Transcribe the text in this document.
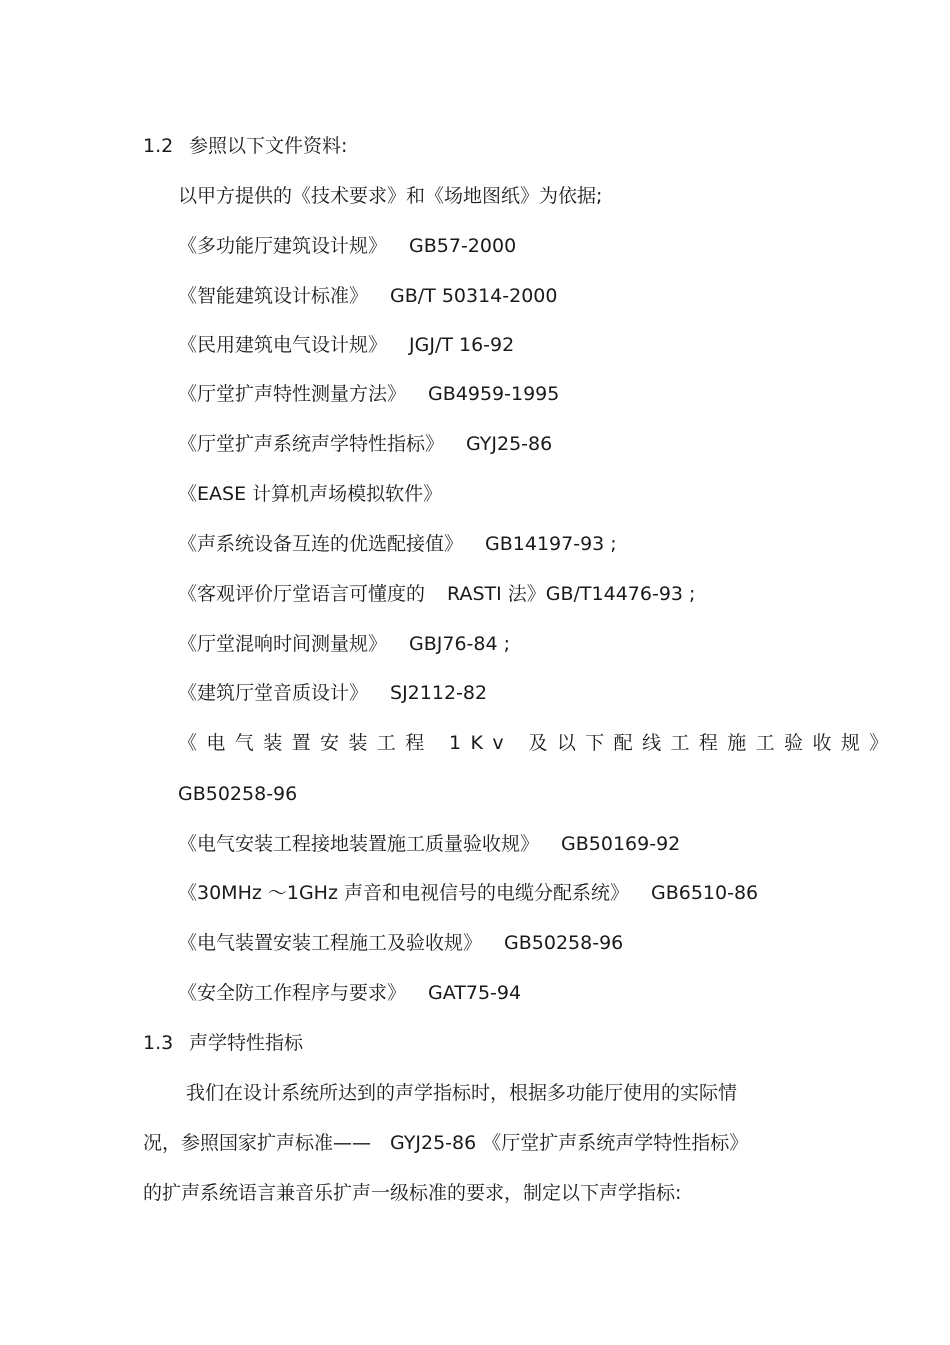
1.2 参照以下文件资料:
以甲方提供的《技术要求》和《场地图纸》为依据;
《多功能厅建筑设计规》 GB57-2000
《智能建筑设计标准》 GB/T 50314-2000
《民用建筑电气设计规》 JGJ/T 16-92
《厅堂扩声特性测量方法》 GB4959-1995
《厅堂扩声系统声学特性指标》 GYJ25-86
《EASE 计算机声场模拟软件》
《声系统设备互连的优选配接值》 GB14197-93 ;
《客观评价厅堂语言可懂度的 RASTI 法》GB/T14476-93 ;
《厅堂混响时间测量规》 GBJ76-84 ;
《建筑厅堂音质设计》 SJ2112-82
《电气装置安装工程 1Kv 及以下配线工程施工验收规》
GB50258-96
《电气安装工程接地装置施工质量验收规》 GB50169-92
《30MHz ～1GHz 声音和电视信号的电缆分配系统》 GB6510-86
《电气装置安装工程施工及验收规》 GB50258-96
《安全防工作程序与要求》 GAT75-94
1.3 声学特性指标
我们在设计系统所达到的声学指标时，根据多功能厅使用的实际情
况，参照国家扩声标准——　GYJ25-86 《厅堂扩声系统声学特性指标》
的扩声系统语言兼音乐扩声一级标准的要求，制定以下声学指标:
